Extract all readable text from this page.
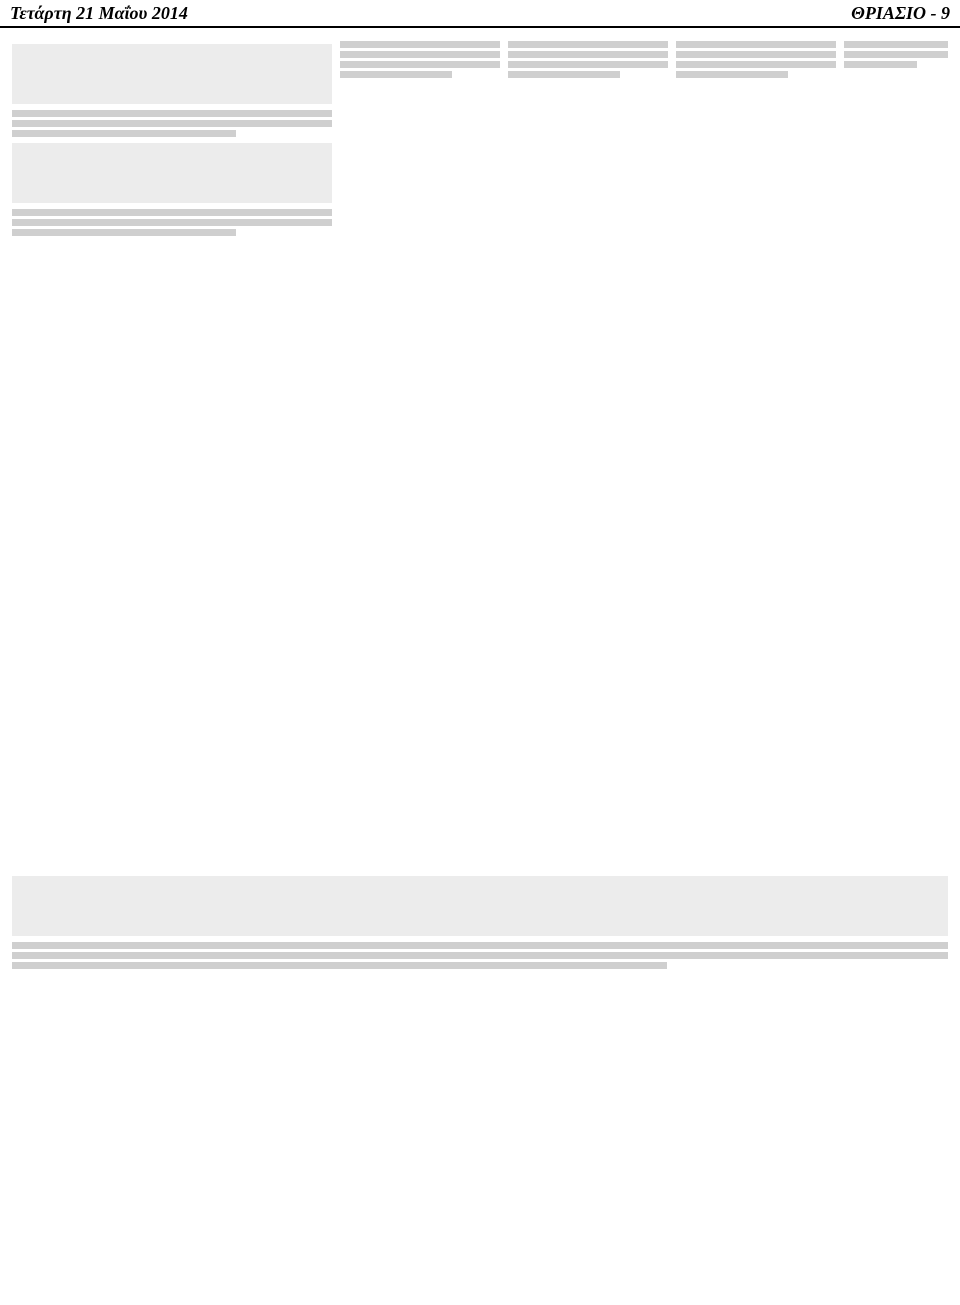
Τετάρτη 21 Μαΐου 2014	ΘΡΙΑΣΙΟ - 9
